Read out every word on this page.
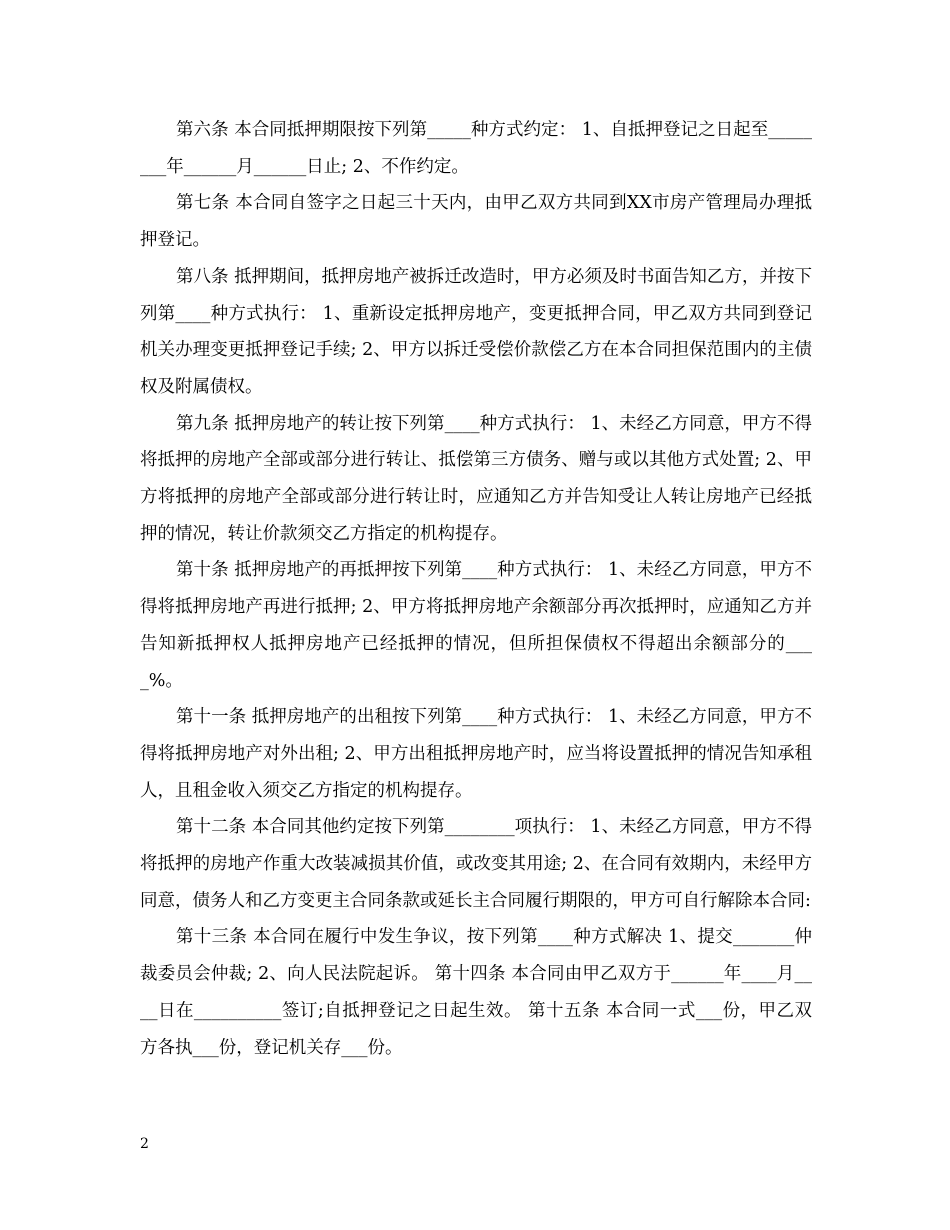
第六条 本合同抵押期限按下列第_____种方式约定： 1、自抵押登记之日起至________年______月______日止; 2、不作约定。

第七条 本合同自签字之日起三十天内，由甲乙双方共同到XX市房产管理局办理抵押登记。

第八条 抵押期间，抵押房地产被拆迁改造时，甲方必须及时书面告知乙方，并按下列第____种方式执行： 1、重新设定抵押房地产，变更抵押合同，甲乙双方共同到登记机关办理变更抵押登记手续; 2、甲方以拆迁受偿价款偿乙方在本合同担保范围内的主债权及附属债权。

第九条 抵押房地产的转让按下列第____种方式执行： 1、未经乙方同意，甲方不得将抵押的房地产全部或部分进行转让、抵偿第三方债务、赠与或以其他方式处置; 2、甲方将抵押的房地产全部或部分进行转让时，应通知乙方并告知受让人转让房地产已经抵押的情况，转让价款须交乙方指定的机构提存。

第十条 抵押房地产的再抵押按下列第____种方式执行： 1、未经乙方同意，甲方不得将抵押房地产再进行抵押; 2、甲方将抵押房地产余额部分再次抵押时，应通知乙方并告知新抵押权人抵押房地产已经抵押的情况，但所担保债权不得超出余额部分的____%。

第十一条 抵押房地产的出租按下列第____种方式执行： 1、未经乙方同意，甲方不得将抵押房地产对外出租; 2、甲方出租抵押房地产时，应当将设置抵押的情况告知承租人，且租金收入须交乙方指定的机构提存。

第十二条 本合同其他约定按下列第________项执行： 1、未经乙方同意，甲方不得将抵押的房地产作重大改装减损其价值，或改变其用途; 2、在合同有效期内，未经甲方同意，债务人和乙方变更主合同条款或延长主合同履行期限的，甲方可自行解除本合同:

第十三条 本合同在履行中发生争议，按下列第____种方式解决 1、提交_______仲裁委员会仲裁; 2、向人民法院起诉。 第十四条 本合同由甲乙双方于______年____月____日在__________签订;自抵押登记之日起生效。 第十五条 本合同一式___份，甲乙双方各执___份，登记机关存___份。

2
